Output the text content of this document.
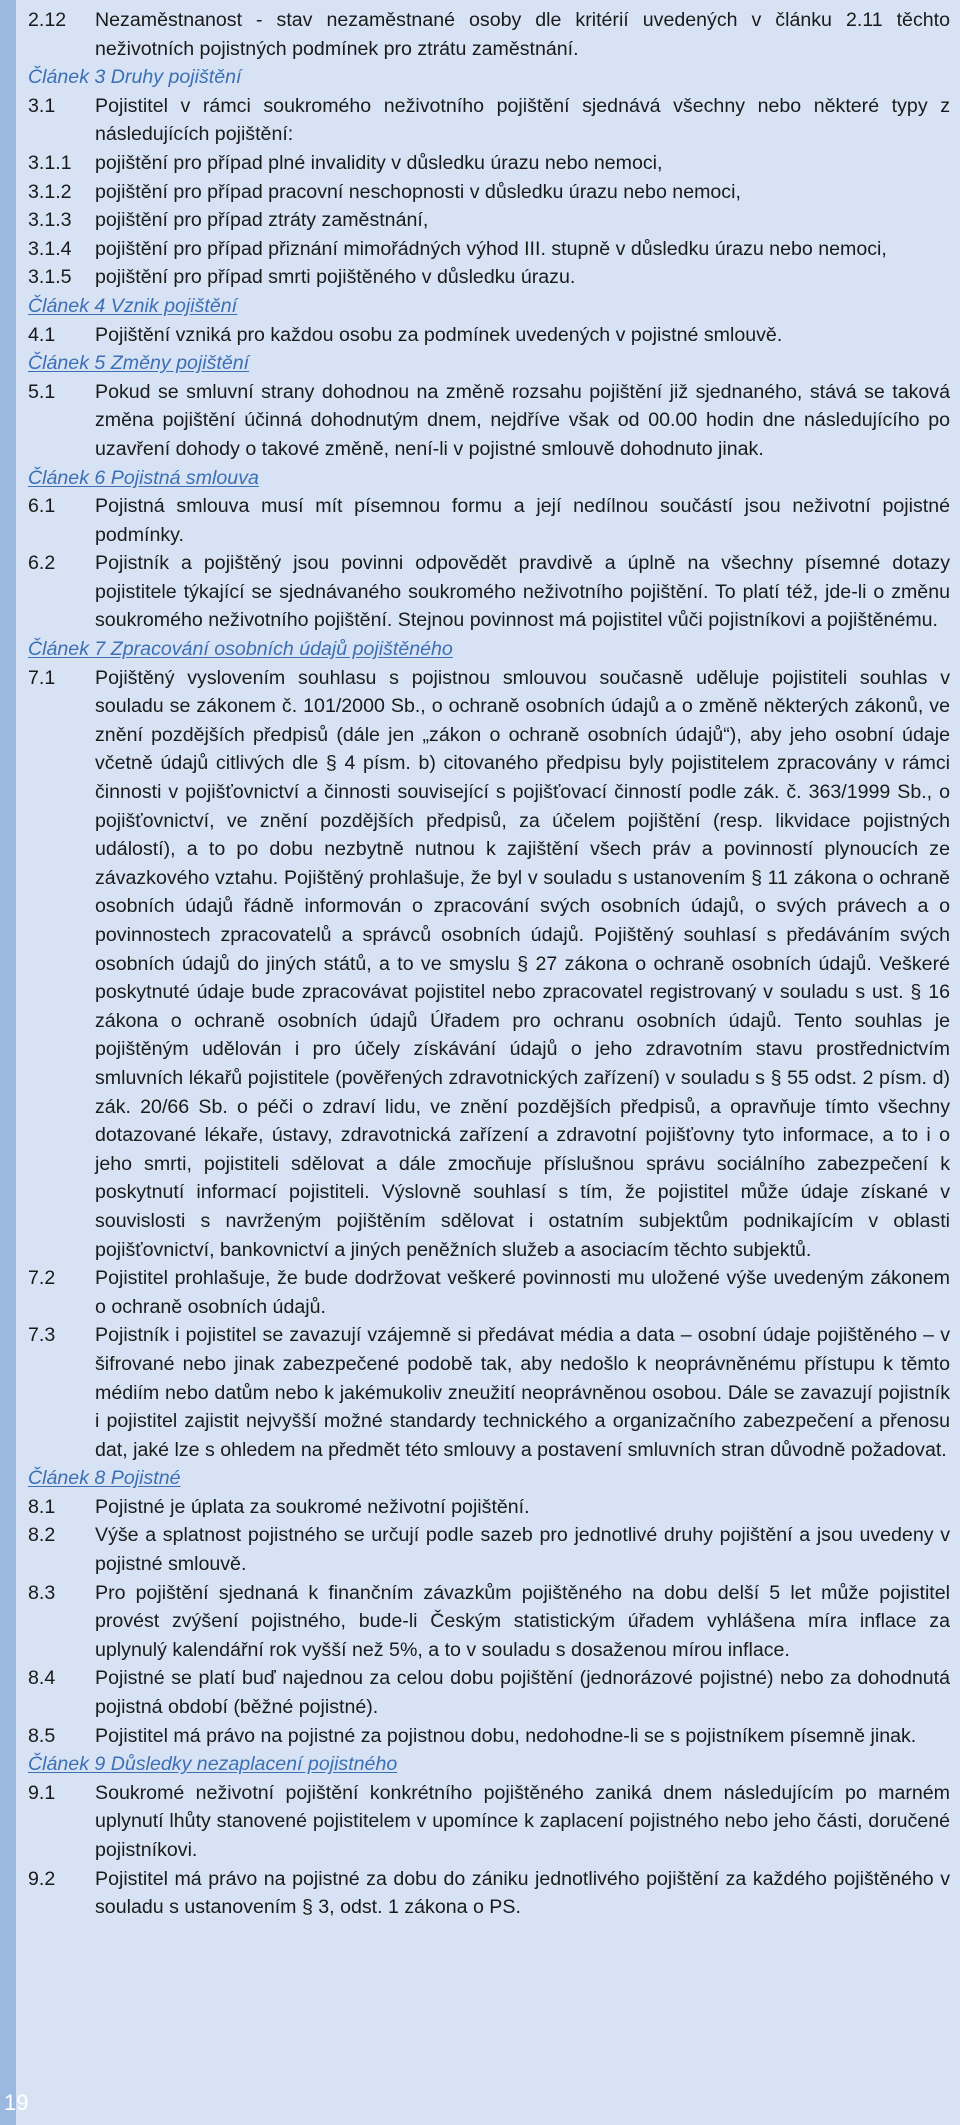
19
2.12	Nezaměstnanost - stav nezaměstnané osoby dle kritérií uvedených v článku 2.11 těchto neživotních pojistných podmínek pro ztrátu zaměstnání.
Článek 3 Druhy pojištění
3.1	Pojistitel v rámci soukromého neživotního pojištění sjednává všechny nebo některé typy z následujících pojištění:
3.1.1	pojištění pro případ plné invalidity v důsledku úrazu nebo nemoci,
3.1.2	pojištění pro případ pracovní neschopnosti v důsledku úrazu nebo nemoci,
3.1.3	pojištění pro případ ztráty zaměstnání,
3.1.4	pojištění pro případ přiznání mimořádných výhod III. stupně v důsledku úrazu nebo nemoci,
3.1.5	pojištění pro případ smrti pojištěného v důsledku úrazu.
Článek 4 Vznik pojištění
4.1	Pojištění vzniká pro každou osobu za podmínek uvedených v pojistné smlouvě.
Článek 5 Změny pojištění
5.1	Pokud se smluvní strany dohodnou na změně rozsahu pojištění již sjednaného, stává se taková změna pojištění účinná dohodnutým dnem, nejdříve však od 00.00 hodin dne následujícího po uzavření dohody o takové změně, není-li v pojistné smlouvě dohodnuto jinak.
Článek 6 Pojistná smlouva
6.1	Pojistná smlouva musí mít písemnou formu a její nedílnou součástí jsou neživotní pojistné podmínky.
6.2	Pojistník a pojištěný jsou povinni odpovědět pravdivě a úplně na všechny písemné dotazy pojistitele týkající se sjednávaného soukromého neživotního pojištění. To platí též, jde-li o změnu soukromého neživotního pojištění. Stejnou povinnost má pojistitel vůči pojistníkovi a pojištěnému.
Článek 7 Zpracování osobních údajů pojištěného
7.1	Pojištěný vyslovením souhlasu s pojistnou smlouvou současně uděluje pojistiteli souhlas v souladu se zákonem č. 101/2000 Sb., o ochraně osobních údajů a o změně některých zákonů, ve znění pozdějších předpisů (dále jen „zákon o ochraně osobních údajů“), aby jeho osobní údaje včetně údajů citlivých dle § 4 písm. b) citovaného předpisu byly pojistitelem zpracovány v rámci činnosti v pojišťovnictví a činnosti související s pojišťovací činností podle zák. č. 363/1999 Sb., o pojišťovnictví, ve znění pozdějších předpisů, za účelem pojištění (resp. likvidace pojistných událostí), a to po dobu nezbytně nutnou k zajištění všech práv a povinností plynoucích ze závazkového vztahu. Pojištěný prohlašuje, že byl v souladu s ustanovením § 11 zákona o ochraně osobních údajů řádně informován o zpracování svých osobních údajů, o svých právech a o povinnostech zpracovatelů a správců osobních údajů. Pojištěný souhlasí s předáváním svých osobních údajů do jiných států, a to ve smyslu § 27 zákona o ochraně osobních údajů. Veškeré poskytnuté údaje bude zpracovávat pojistitel nebo zpracovatel registrovaný v souladu s ust. § 16 zákona o ochraně osobních údajů Úřadem pro ochranu osobních údajů. Tento souhlas je pojištěným udělován i pro účely získávání údajů o jeho zdravotním stavu prostřednictvím smluvních lékařů pojistitele (pověřených zdravotnických zařízení) v souladu s § 55 odst. 2 písm. d) zák. 20/66 Sb. o péči o zdraví lidu, ve znění pozdějších předpisů, a opravňuje tímto všechny dotazované lékaře, ústavy, zdravotnická zařízení a zdravotní pojišťovny tyto informace, a to i o jeho smrti, pojistiteli sdělovat a dále zmocňuje příslušnou správu sociálního zabezpečení k poskytnutí informací pojistiteli. Výslovně souhlasí s tím, že pojistitel může údaje získané v souvislosti s navrženým pojištěním sdělovat i ostatním subjektům podnikajícím v oblasti pojišťovnictví, bankovnictví a jiných peněžních služeb a asociacím těchto subjektů.
7.2	Pojistitel prohlašuje, že bude dodržovat veškeré povinnosti mu uložené výše uvedeným zákonem o ochraně osobních údajů.
7.3	Pojistník i pojistitel se zavazují vzájemně si předávat média a data – osobní údaje pojištěného – v šifrované nebo jinak zabezpečené podobě tak, aby nedošlo k neoprávněnému přístupu k těmto médiím nebo datům nebo k jakémukoliv zneužití neoprávněnou osobou. Dále se zavazují pojistník i pojistitel zajistit nejvyšší možné standardy technického a organizačního zabezpečení a přenosu dat, jaké lze s ohledem na předmět této smlouvy a postavení smluvních stran důvodně požadovat.
Článek 8 Pojistné
8.1	Pojistné je úplata za soukromé neživotní pojištění.
8.2	Výše a splatnost pojistného se určují podle sazeb pro jednotlivé druhy pojištění a jsou uvedeny v pojistné smlouvě.
8.3	Pro pojištění sjednaná k finančním závazkům pojištěného na dobu delší 5 let může pojistitel provést zvýšení pojistného, bude-li Českým statistickým úřadem vyhlášena míra inflace za uplynulý kalendářní rok vyšší než 5%, a to v souladu s dosaženou mírou inflace.
8.4	Pojistné se platí buď najednou za celou dobu pojištění (jednorázové pojistné) nebo za dohodnutá pojistná období (běžné pojistné).
8.5	Pojistitel má právo na pojistné za pojistnou dobu, nedohodne-li se s pojistníkem písemně jinak.
Článek 9 Důsledky nezaplacení pojistného
9.1	Soukromé neživotní pojištění konkrétního pojištěného zaniká dnem následujícím po marném uplynutí lhůty stanovené pojistitelem v upomínce k zaplacení pojistného nebo jeho části, doručené pojistníkovi.
9.2	Pojistitel má právo na pojistné za dobu do zániku jednotlivého pojištění za každého pojištěného v souladu s ustanovením § 3, odst. 1 zákona o PS.
